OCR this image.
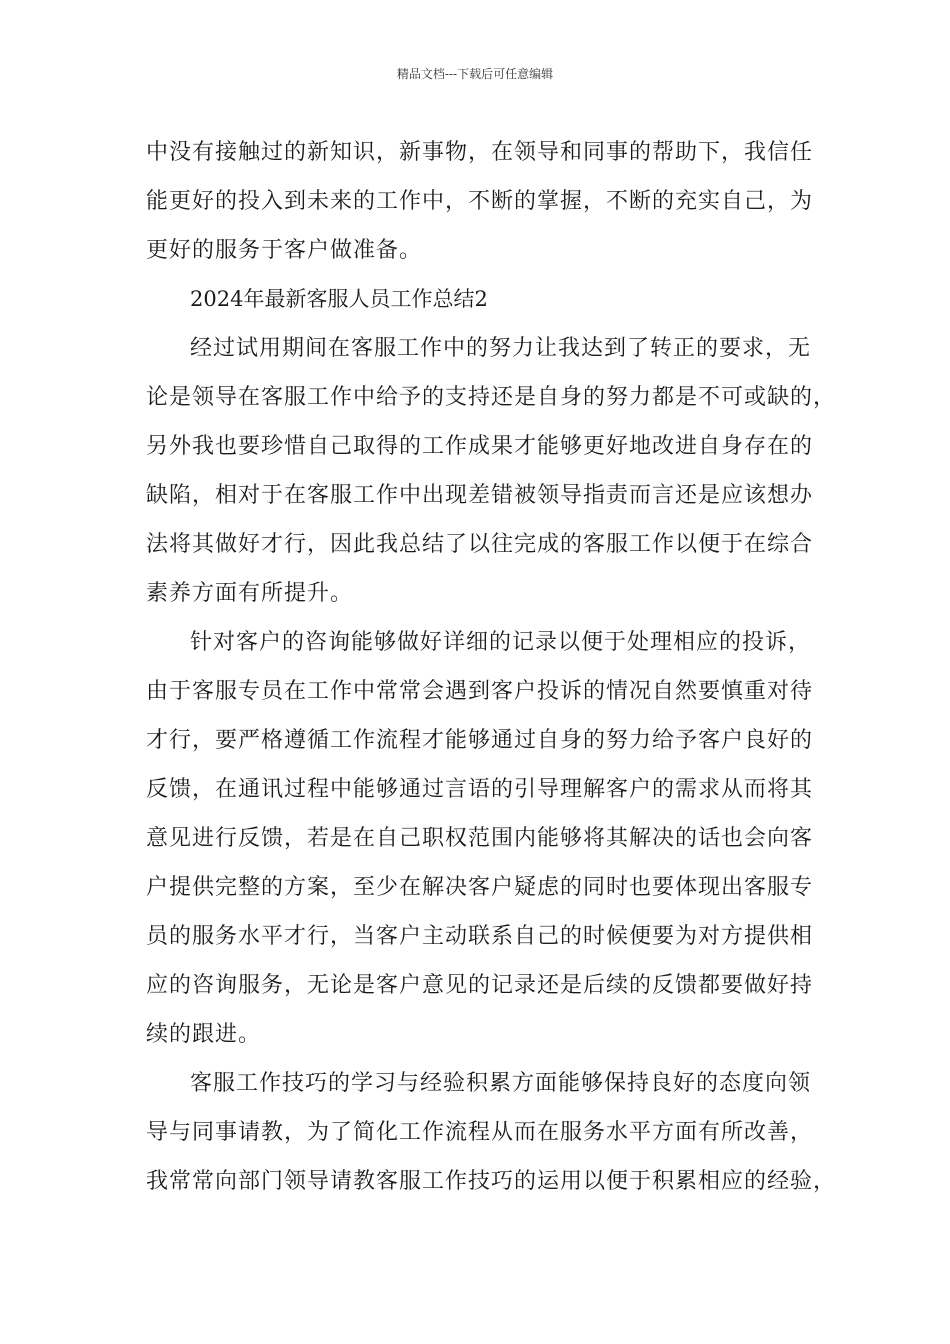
精品文档---下载后可任意编辑
中没有接触过的新知识，新事物，在领导和同事的帮助下，我信任
能更好的投入到未来的工作中，不断的掌握，不断的充实自己，为
更好的服务于客户做准备。
2024年最新客服人员工作总结2
经过试用期间在客服工作中的努力让我达到了转正的要求，无
论是领导在客服工作中给予的支持还是自身的努力都是不可或缺的，
另外我也要珍惜自己取得的工作成果才能够更好地改进自身存在的
缺陷，相对于在客服工作中出现差错被领导指责而言还是应该想办
法将其做好才行，因此我总结了以往完成的客服工作以便于在综合
素养方面有所提升。
针对客户的咨询能够做好详细的记录以便于处理相应的投诉，
由于客服专员在工作中常常会遇到客户投诉的情况自然要慎重对待
才行，要严格遵循工作流程才能够通过自身的努力给予客户良好的
反馈，在通讯过程中能够通过言语的引导理解客户的需求从而将其
意见进行反馈，若是在自己职权范围内能够将其解决的话也会向客
户提供完整的方案，至少在解决客户疑虑的同时也要体现出客服专
员的服务水平才行，当客户主动联系自己的时候便要为对方提供相
应的咨询服务，无论是客户意见的记录还是后续的反馈都要做好持
续的跟进。
客服工作技巧的学习与经验积累方面能够保持良好的态度向领
导与同事请教，为了简化工作流程从而在服务水平方面有所改善，
我常常向部门领导请教客服工作技巧的运用以便于积累相应的经验，
